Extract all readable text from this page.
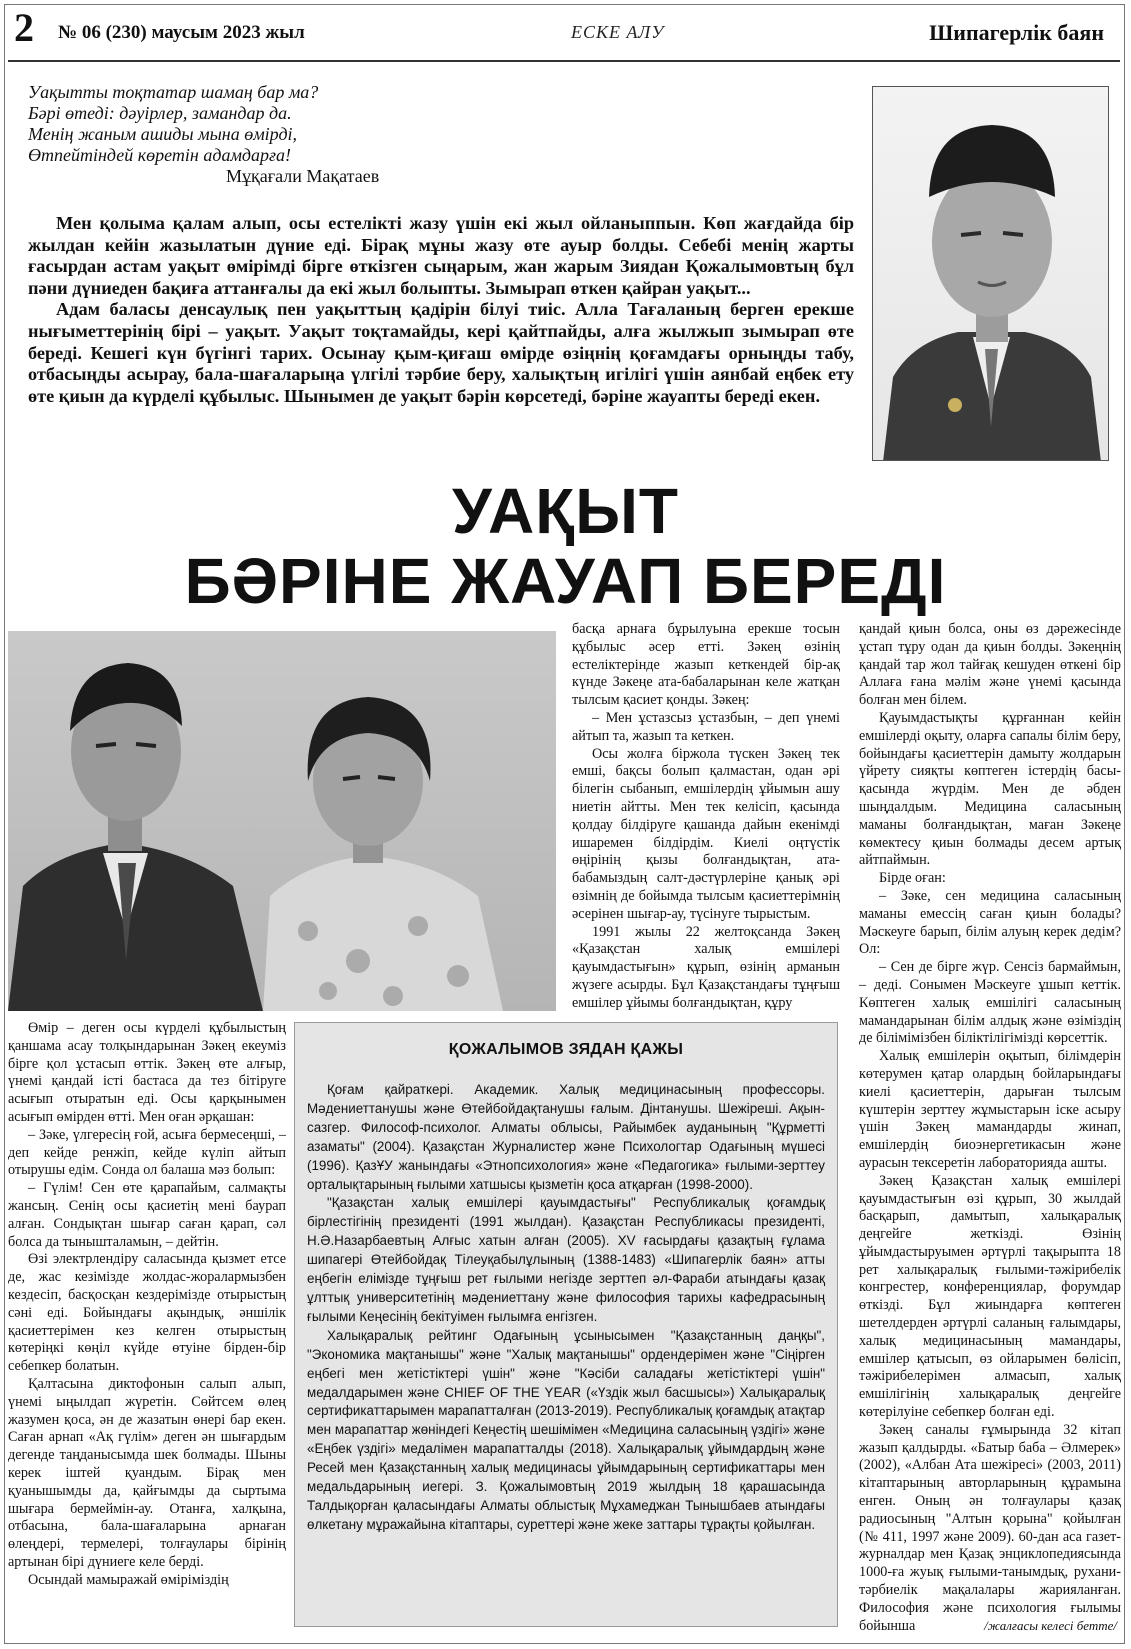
2 № 06 (230) маусым 2023 жыл	ЕСКЕ АЛУ	Шипагерлік баян
Уақытты тоқтатар шамаң бар ма?
Бәрі өтеді: дәуірлер, замандар да.
Менің жаным ашиды мына өмірді,
Өтпейтіндей көретін адамдарға!
Мұқағали Мақатаев

Мен қолыма қалам алып, осы естелікті жазу үшін екі жыл ойланыппын. Көп жағдайда бір жылдан кейін жазылатын дүние еді. Бірақ мұны жазу өте ауыр болды. Себебі менің жарты ғасырдан астам уақыт өмірімді бірге өткізген сыңарым, жан жарым Зиядан Қожалымовтың бұл пәни дүниеден бақиға аттанғалы да екі жыл болыпты. Зымырап өткен қайран уақыт...

Адам баласы денсаулық пен уақыттың қадірін білуі тиіс. Алла Тағаланың берген ерекше нығыметтерінің бірі – уақыт. Уақыт тоқтамайды, кері қайтпайды, алға жылжып зымырап өте береді. Кешегі күн бүгінгі тарих. Осынау қым-қиғаш өмірде өзіңнің қоғамдағы орныңды табу, отбасыңды асырау, бала-шағаларыңа үлгілі тәрбие беру, халықтың игілігі үшін аянбай еңбек ету өте қиын да күрделі құбылыс. Шынымен де уақыт бәрін көрсетеді, бәріне жауапты береді екен.

УАҚЫТ
БӘРІНЕ ЖАУАП БЕРЕДІ

басқа арнаға бұрылуына ерекше тосын құбылыс әсер етті. Зәкең өзінің естеліктерінде жазып кеткендей бір-ақ күнде Зәкеңе ата-бабаларынан келе жатқан тылсым қасиет қонды. Зәкең:

– Мен ұстазсыз ұстазбын, – деп үнемі айтып та, жазып та кеткен.

Осы жолға біржола түскен Зәкең тек емші, бақсы болып қалмастан, одан әрі білегін сыбанып, емшілердің ұйымын ашу ниетін айтты. Мен тек келісіп, қасында қолдау білдіруге қашанда дайын екенімді ишаремен білдірдім. Киелі оңтүстік өңірінің қызы болғандықтан, ата-бабамыздың салт-дәстүрлеріне қанық әрі өзімнің де бойымда тылсым қасиеттерімнің әсерінен шығар-ау, түсінуге тырыстым.

1991 жылы 22 желтоқсанда Зәкең «Қазақстан халық емшілері қауымдастығын» құрып, өзінің арманын жүзеге асырды. Бұл Қазақстандағы тұңғыш емшілер ұйымы болғандықтан, құру

қандай қиын болса, оны өз дәрежесінде ұстап тұру одан да қиын болды. Зәкеңнің қандай тар жол тайғақ кешуден өткені бір Аллаға ғана мәлім және үнемі қасында болған мен білем.

Қауымдастықты құрғаннан кейін емшілерді оқыту, оларға сапалы білім беру, бойындағы қасиеттерін дамыту жолдарын үйрету сияқты көптеген істердің басы-қасында жүрдім. Мен де әбден шыңдалдым. Медицина саласының маманы болғандықтан, маған Зәкеңе көмектесу қиын болмады десем артық айтпаймын.

Бірде оған:

– Зәке, сен медицина саласының маманы емессің саған қиын болады? Мәскеуге барып, білім алуың керек дедім? Ол:

– Сен де бірге жүр. Сенсіз бармаймын, – деді. Сонымен Мәскеуге ұшып кеттік. Көптеген халық емшілігі саласының мамандарынан білім алдық және өзіміздің де білімімізбен біліктілігімізді көрсеттік.

Халық емшілерін оқытып, білімдерін көтерумен қатар олардың бойларындағы киелі қасиеттерін, дарыған тылсым күштерін зерттеу жұмыстарын іске асыру үшін Зәкең мамандарды жинап, емшілердің биоэнергетикасын және аурасын тексеретін лабораторияда ашты.

Зәкең Қазақстан халық емшілері қауымдастығын өзі құрып, 30 жылдай басқарып, дамытып, халықаралық деңгейге жеткізді. Өзінің ұйымдастыруымен әртүрлі тақырыпта 18 рет халықаралық ғылыми-тәжірибелік конгрестер, конференциялар, форумдар өткізді. Бұл жиындарға көптеген шетелдерден әртүрлі саланың ғалымдары, халық медицинасының мамандары, емшілер қатысып, өз ойларымен бөлісіп, тәжірибелерімен алмасып, халық емшілігінің халықаралық деңгейге көтерілуіне себепкер болған еді.

Зәкең саналы ғұмырында 32 кітап жазып қалдырды. «Батыр баба – Әлмерек» (2002), «Албан Ата шежіресі» (2003, 2011) кітаптарының авторларының құрамына енген. Оның ән толғаулары қазақ радиосының "Алтын қорына" қойылған (№ 411, 1997 және 2009). 60-дан аса газет-журналдар мен Қазақ энциклопедиясында 1000-ға жуық ғылыми-танымдық, рухани-тәрбиелік мақалалары жарияланған. Философия және психология ғылымы бойынша

Өмір – деген осы күрделі құбылыстың қаншама асау толқындарынан Зәкең екеуміз бірге қол ұстасып өттік. Зәкең өте алғыр, үнемі қандай істі бастаса да тез бітіруге асығып отыратын еді. Осы қарқынымен асығып өмірден өтті. Мен оған әрқашан:

– Зәке, үлгересің ғой, асыға бермесеңші, – деп кейде ренжіп, кейде күліп айтып отырушы едім. Сонда ол балаша мәз болып:

– Гүлім! Сен өте қарапайым, салмақты жансың. Сенің осы қасиетің мені баурап алған. Сондықтан шығар саған қарап, сәл болса да тынышталамын, – дейтін.

Өзі электрлендіру саласында қызмет етсе де, жас кезімізде жолдас-жоралармызбен кездесіп, басқосқан кездерімізде отырыстың сәні еді. Бойындағы ақындық, әншілік қасиеттерімен кез келген отырыстың көтеріңкі көңіл күйде өтуіне бірден-бір себепкер болатын.

Қалтасына диктофонын салып алып, үнемі ыңылдап жүретін. Сөйтсем өлең жазумен қоса, ән де жазатын өнері бар екен. Саған арнап «Ақ гүлім» деген ән шығардым дегенде таңданысымда шек болмады. Шыны керек іштей қуандым. Бірақ мен қуанышымды да, қайғымды да сыртыма шығара бермеймін-ау. Отанға, халқына, отбасына, бала-шағаларына арнаған өлеңдері, термелері, толғаулары бірінің артынан бірі дүниеге келе берді.

Осындай мамыражай өміріміздің

ҚОЖАЛЫМОВ ЗЯДАН ҚАЖЫ

Қоғам қайраткері. Академик. Халық медицинасының профессоры. Мәдениеттанушы және Өтейбойдақтанушы ғалым. Дінтанушы. Шежіреші. Ақын-сазгер. Философ-психолог. Алматы облысы, Райымбек ауданының "Құрметті азаматы" (2004). Қазақстан Журналистер және Психологтар Одағының мүшесі (1996). ҚазҰУ жанындағы «Этнопсихология» және «Педагогика» ғылыми-зерттеу орталықтарының ғылыми хатшысы қызметін қоса атқарған (1998-2000).

"Қазақстан халық емшілері қауымдастығы" Республикалық қоғамдық бірлестігінің президенті (1991 жылдан). Қазақстан Республикасы президенті, Н.Ә.Назарбаевтың Алғыс хатын алған (2005). XV ғасырдағы қазақтың ғұлама шипагері Өтейбойдақ Тілеуқабылұлының (1388-1483) «Шипагерлік баян» атты еңбегін елімізде тұңғыш рет ғылыми негізде зерттеп әл-Фараби атындағы қазақ ұлттық университетінің мәдениеттану және философия тарихы кафедрасының ғылыми Кеңесінің бекітуімен ғылымға енгізген.

Халықаралық рейтинг Одағының ұсынысымен "Қазақстанның даңқы", "Экономика мақтанышы" және "Халық мақтанышы" ордендерімен және "Сіңірген еңбегі мен жетістіктері үшін" және "Кәсіби саладағы жетістіктері үшін" медалдарымен және CHIEF OF THE YEAR («Үздік жыл басшысы») Халықаралық сертификаттарымен марапатталған (2013-2019). Республикалық қоғамдық атақтар мен марапаттар жөніндегі Кеңестің шешімімен «Медицина саласының үздігі» және «Еңбек үздігі» медалімен марапатталды (2018). Халықаралық ұйымдардың және Ресей мен Қазақстанның халық медицинасы ұйымдарының сертификаттары мен медальдарының иегері. З. Қожалымовтың 2019 жылдың 18 қарашасында Талдықорған қаласындағы Алматы облыстық Мұхамеджан Тынышбаев атындағы өлкетану мұражайына кітаптары, суреттері және жеке заттары тұрақты қойылған.

/жалғасы келесі бетте/
